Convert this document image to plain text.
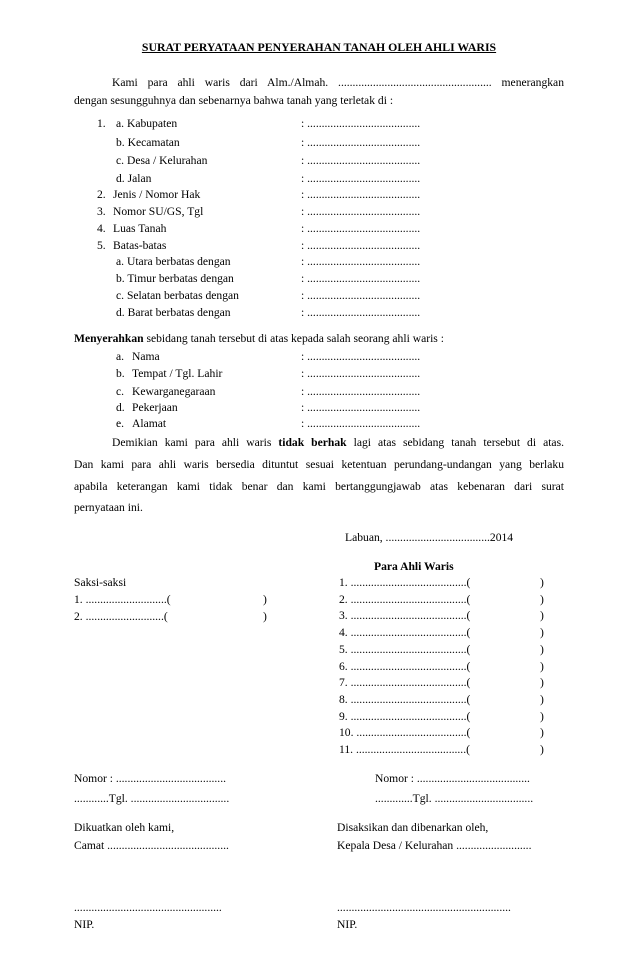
SURAT PERYATAAN PENYERAHAN TANAH OLEH AHLI WARIS
Kami para ahli waris dari Alm./Almah. ..................................................... menerangkan
dengan sesungguhnya dan sebenarnya bahwa tanah yang terletak di :
1. a. Kabupaten	: .......................................
b. Kecamatan	: .......................................
c. Desa / Kelurahan	: .......................................
d. Jalan	: .......................................
2. Jenis / Nomor Hak	: .......................................
3. Nomor SU/GS, Tgl	: .......................................
4. Luas Tanah	: .......................................
5. Batas-batas	: .......................................
a. Utara berbatas dengan	: .......................................
b. Timur berbatas dengan	: .......................................
c. Selatan berbatas dengan	: .......................................
d. Barat berbatas dengan	: .......................................
Menyerahkan sebidang tanah tersebut di atas kepada salah seorang ahli waris :
a. Nama	: .......................................
b. Tempat / Tgl. Lahir	: .......................................
c. Kewarganegaraan	: .......................................
d. Pekerjaan	: .......................................
e. Alamat	: .......................................
Demikian kami para ahli waris tidak berhak lagi atas sebidang tanah tersebut di atas.
Dan kami para ahli waris bersedia dituntut sesuai ketentuan perundang-undangan yang berlaku
apabila keterangan kami tidak benar dan kami bertanggungjawab atas kebenaran dari surat
pernyataan ini.
Labuan, ....................................2014
Para Ahli Waris
Saksi-saksi
1. ............................(	)
2. ...........................(	)
1. ........................................(	)
2. ........................................(	)
3. ........................................(	)
4. ........................................(	)
5. ........................................(	)
6. ........................................(	)
7. ........................................(	)
8. ........................................(	)
9. ........................................(	)
10. ......................................(	)
11. ......................................(	)
Nomor : ......................................
............Tgl. ..................................
Dikuatkan oleh kami,
Camat ..........................................
...................................................
NIP.
Nomor : .......................................
.............Tgl. ..................................
Disaksikan dan dibenarkan oleh,
Kepala Desa / Kelurahan ..........................
............................................................
NIP.
